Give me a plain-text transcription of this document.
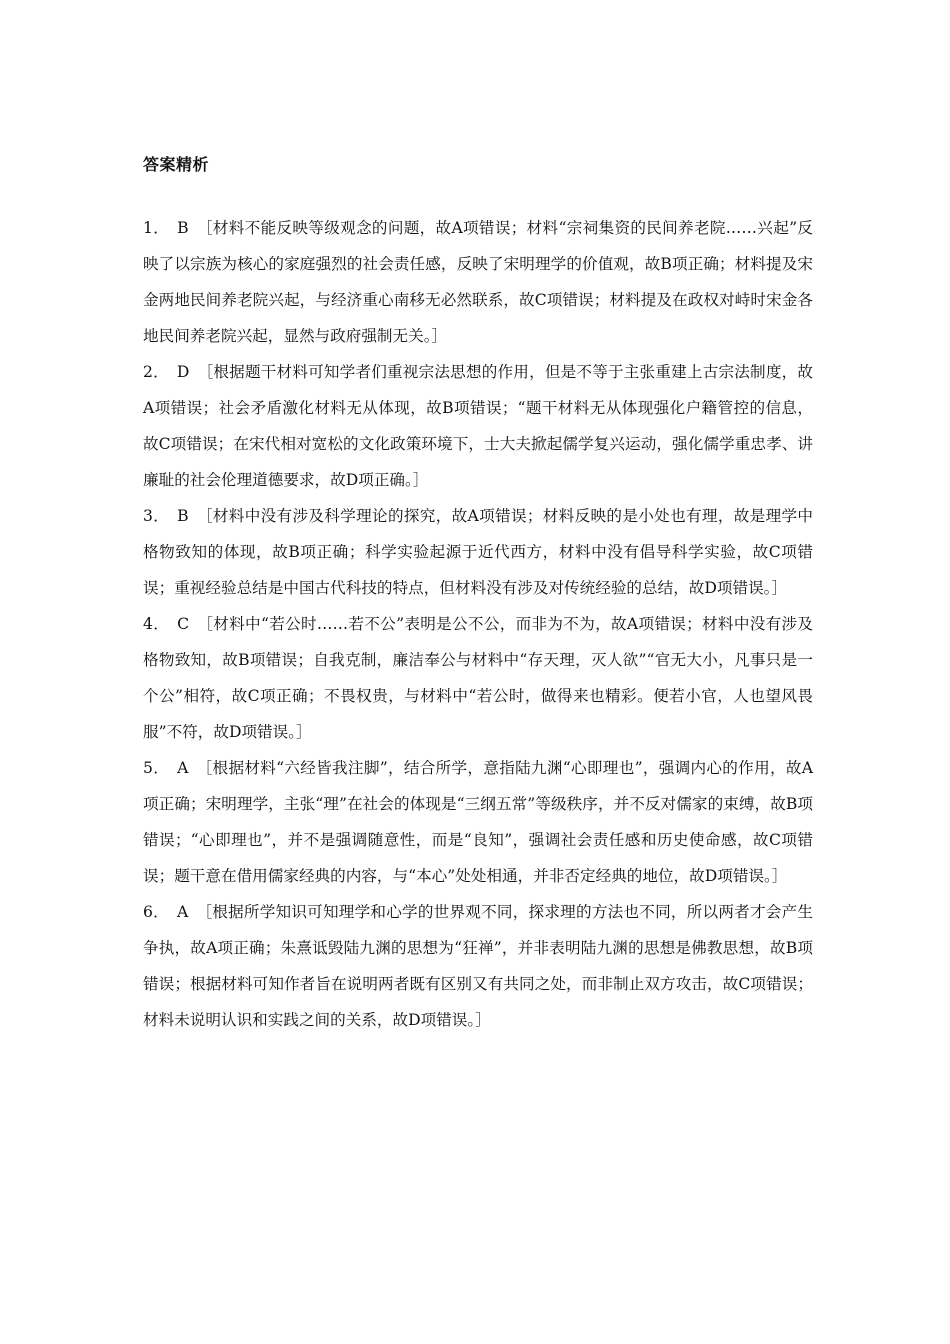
答案精析

1． B ［材料不能反映等级观念的问题，故A项错误；材料“宗祠集资的民间养老院……兴起”反映了以宗族为核心的家庭强烈的社会责任感，反映了宋明理学的价值观，故B项正确；材料提及宋金两地民间养老院兴起，与经济重心南移无必然联系，故C项错误；材料提及在政权对峙时宋金各地民间养老院兴起，显然与政府强制无关。］

2． D ［根据题干材料可知学者们重视宗法思想的作用，但是不等于主张重建上古宗法制度，故A项错误；社会矛盾激化材料无从体现，故B项错误；“题干材料无从体现强化户籍管控的信息，故C项错误；在宋代相对宽松的文化政策环境下，士大夫掀起儒学复兴运动，强化儒学重忠孝、讲廉耻的社会伦理道德要求，故D项正确。］

3． B ［材料中没有涉及科学理论的探究，故A项错误；材料反映的是小处也有理，故是理学中格物致知的体现，故B项正确；科学实验起源于近代西方，材料中没有倡导科学实验，故C项错误；重视经验总结是中国古代科技的特点，但材料没有涉及对传统经验的总结，故D项错误。］

4． C ［材料中“若公时……若不公”表明是公不公，而非为不为，故A项错误；材料中没有涉及格物致知，故B项错误；自我克制，廉洁奉公与材料中“存天理，灭人欲”“官无大小，凡事只是一个公”相符，故C项正确；不畏权贵，与材料中“若公时，做得来也精彩。便若小官，人也望风畏服”不符，故D项错误。］

5． A ［根据材料“六经皆我注脚”，结合所学，意指陆九渊“心即理也”，强调内心的作用，故A项正确；宋明理学，主张“理”在社会的体现是“三纲五常”等级秩序，并不反对儒家的束缚，故B项错误；“心即理也”，并不是强调随意性，而是“良知”，强调社会责任感和历史使命感，故C项错误；题干意在借用儒家经典的内容，与“本心”处处相通，并非否定经典的地位，故D项错误。］

6． A ［根据所学知识可知理学和心学的世界观不同，探求理的方法也不同，所以两者才会产生争执，故A项正确；朱熹诋毁陆九渊的思想为“狂禅”，并非表明陆九渊的思想是佛教思想，故B项错误；根据材料可知作者旨在说明两者既有区别又有共同之处，而非制止双方攻击，故C项错误；材料未说明认识和实践之间的关系，故D项错误。］
